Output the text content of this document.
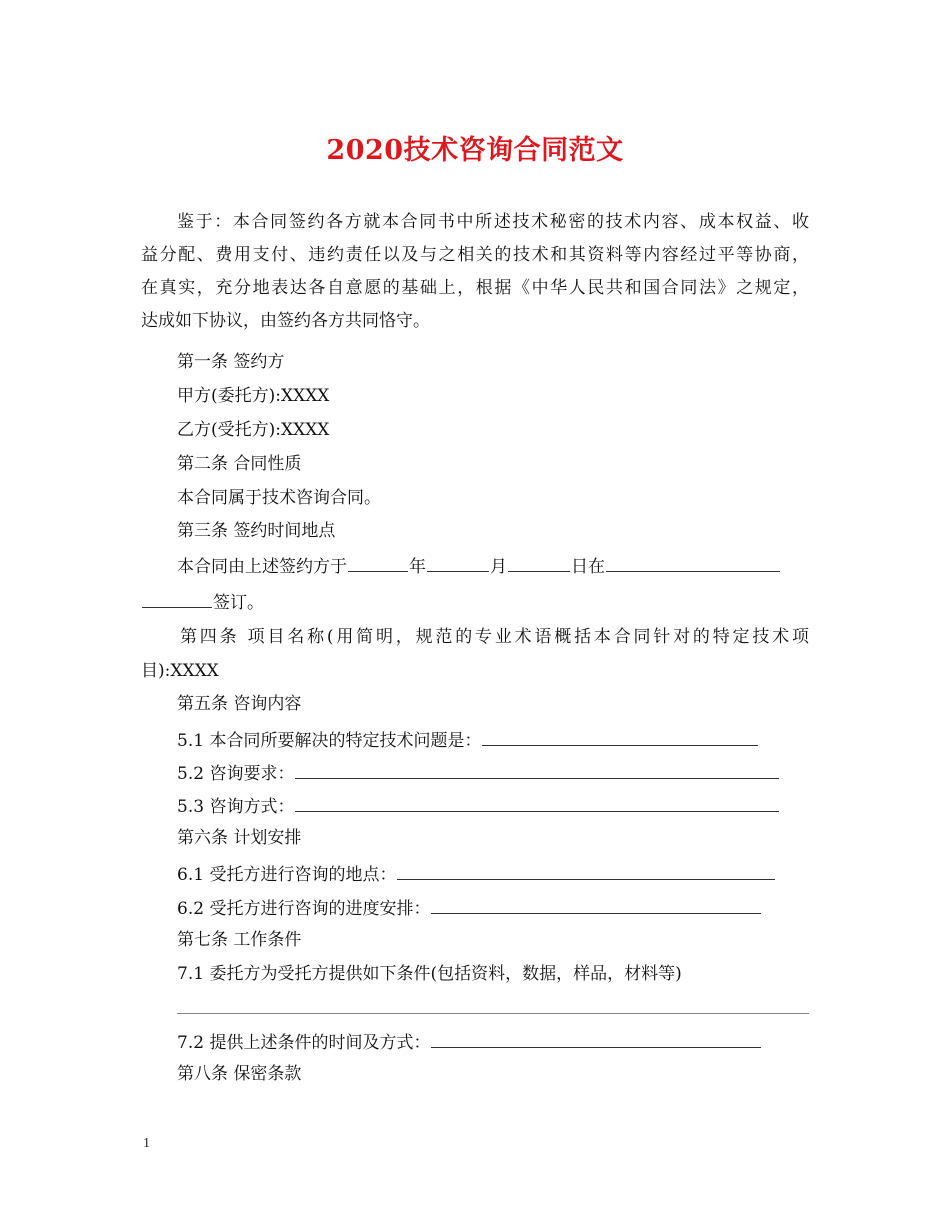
2020技术咨询合同范文
鉴于：本合同签约各方就本合同书中所述技术秘密的技术内容、成本权益、收
益分配、费用支付、违约责任以及与之相关的技术和其资料等内容经过平等协商，
在真实，充分地表达各自意愿的基础上，根据《中华人民共和国合同法》之规定，
达成如下协议，由签约各方共同恪守。
第一条 签约方
甲方(委托方):XXXX
乙方(受托方):XXXX
第二条 合同性质
本合同属于技术咨询合同。
第三条 签约时间地点
本合同由上述签约方于	年	月	日在
签订。
第四条 项目名称(用简明，规范的专业术语概括本合同针对的特定技术项
目):XXXX
第五条 咨询内容
5.1 本合同所要解决的特定技术问题是：
5.2 咨询要求：
5.3 咨询方式：
第六条 计划安排
6.1 受托方进行咨询的地点：
6.2 受托方进行咨询的进度安排：
第七条 工作条件
7.1 委托方为受托方提供如下条件(包括资料，数据，样品，材料等)
7.2 提供上述条件的时间及方式：
第八条 保密条款
1
